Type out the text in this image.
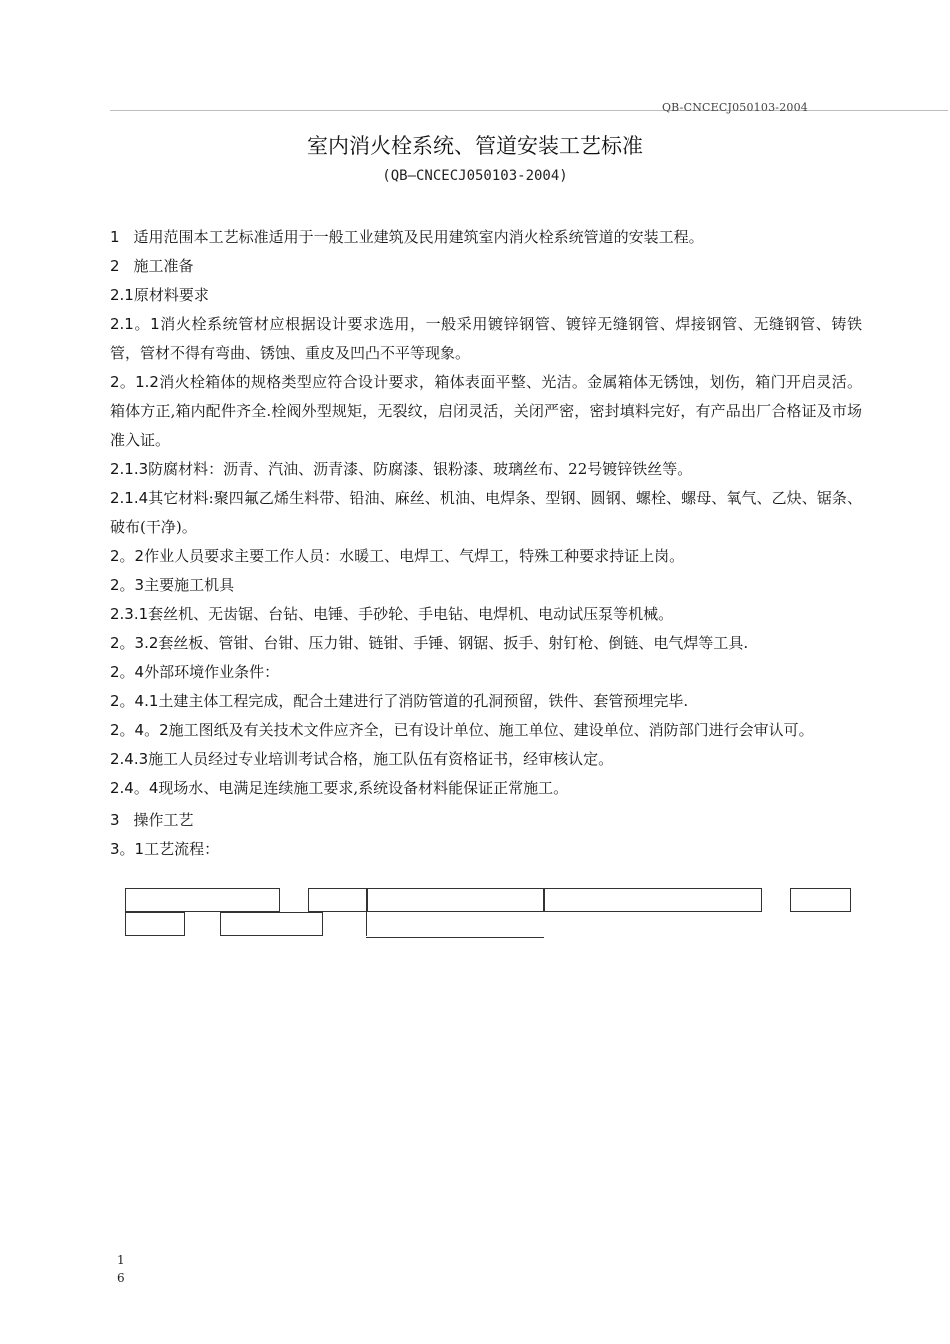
QB-CNCECJ050103-2004
室内消火栓系统、管道安装工艺标准
(QB—CNCECJ050103-2004)

1 适用范围本工艺标准适用于一般工业建筑及民用建筑室内消火栓系统管道的安装工程。

2 施工准备

2.1原材料要求

2.1。1消火栓系统管材应根据设计要求选用，一般采用镀锌钢管、镀锌无缝钢管、焊接钢管、无缝钢管、铸铁管，管材不得有弯曲、锈蚀、重皮及凹凸不平等现象。

2。1.2消火栓箱体的规格类型应符合设计要求，箱体表面平整、光洁。金属箱体无锈蚀，划伤，箱门开启灵活。箱体方正,箱内配件齐全.栓阀外型规矩，无裂纹，启闭灵活，关闭严密，密封填料完好，有产品出厂合格证及市场准入证。

2.1.3防腐材料：沥青、汽油、沥青漆、防腐漆、银粉漆、玻璃丝布、22号镀锌铁丝等。

2.1.4其它材料:聚四氟乙烯生料带、铅油、麻丝、机油、电焊条、型钢、圆钢、螺栓、螺母、氧气、乙炔、锯条、破布(干净)。

2。2作业人员要求主要工作人员：水暖工、电焊工、气焊工，特殊工种要求持证上岗。

2。3主要施工机具

2.3.1套丝机、无齿锯、台钻、电锤、手砂轮、手电钻、电焊机、电动试压泵等机械。

2。3.2套丝板、管钳、台钳、压力钳、链钳、手锤、钢锯、扳手、射钉枪、倒链、电气焊等工具.

2。4外部环境作业条件：

2。4.1土建主体工程完成，配合土建进行了消防管道的孔洞预留，铁件、套管预埋完毕.

2。4。2施工图纸及有关技术文件应齐全，已有设计单位、施工单位、建设单位、消防部门进行会审认可。

2.4.3施工人员经过专业培训考试合格，施工队伍有资格证书，经审核认定。

2.4。4现场水、电满足连续施工要求,系统设备材料能保证正常施工。

3 操作工艺

3。1工艺流程：

1
6
